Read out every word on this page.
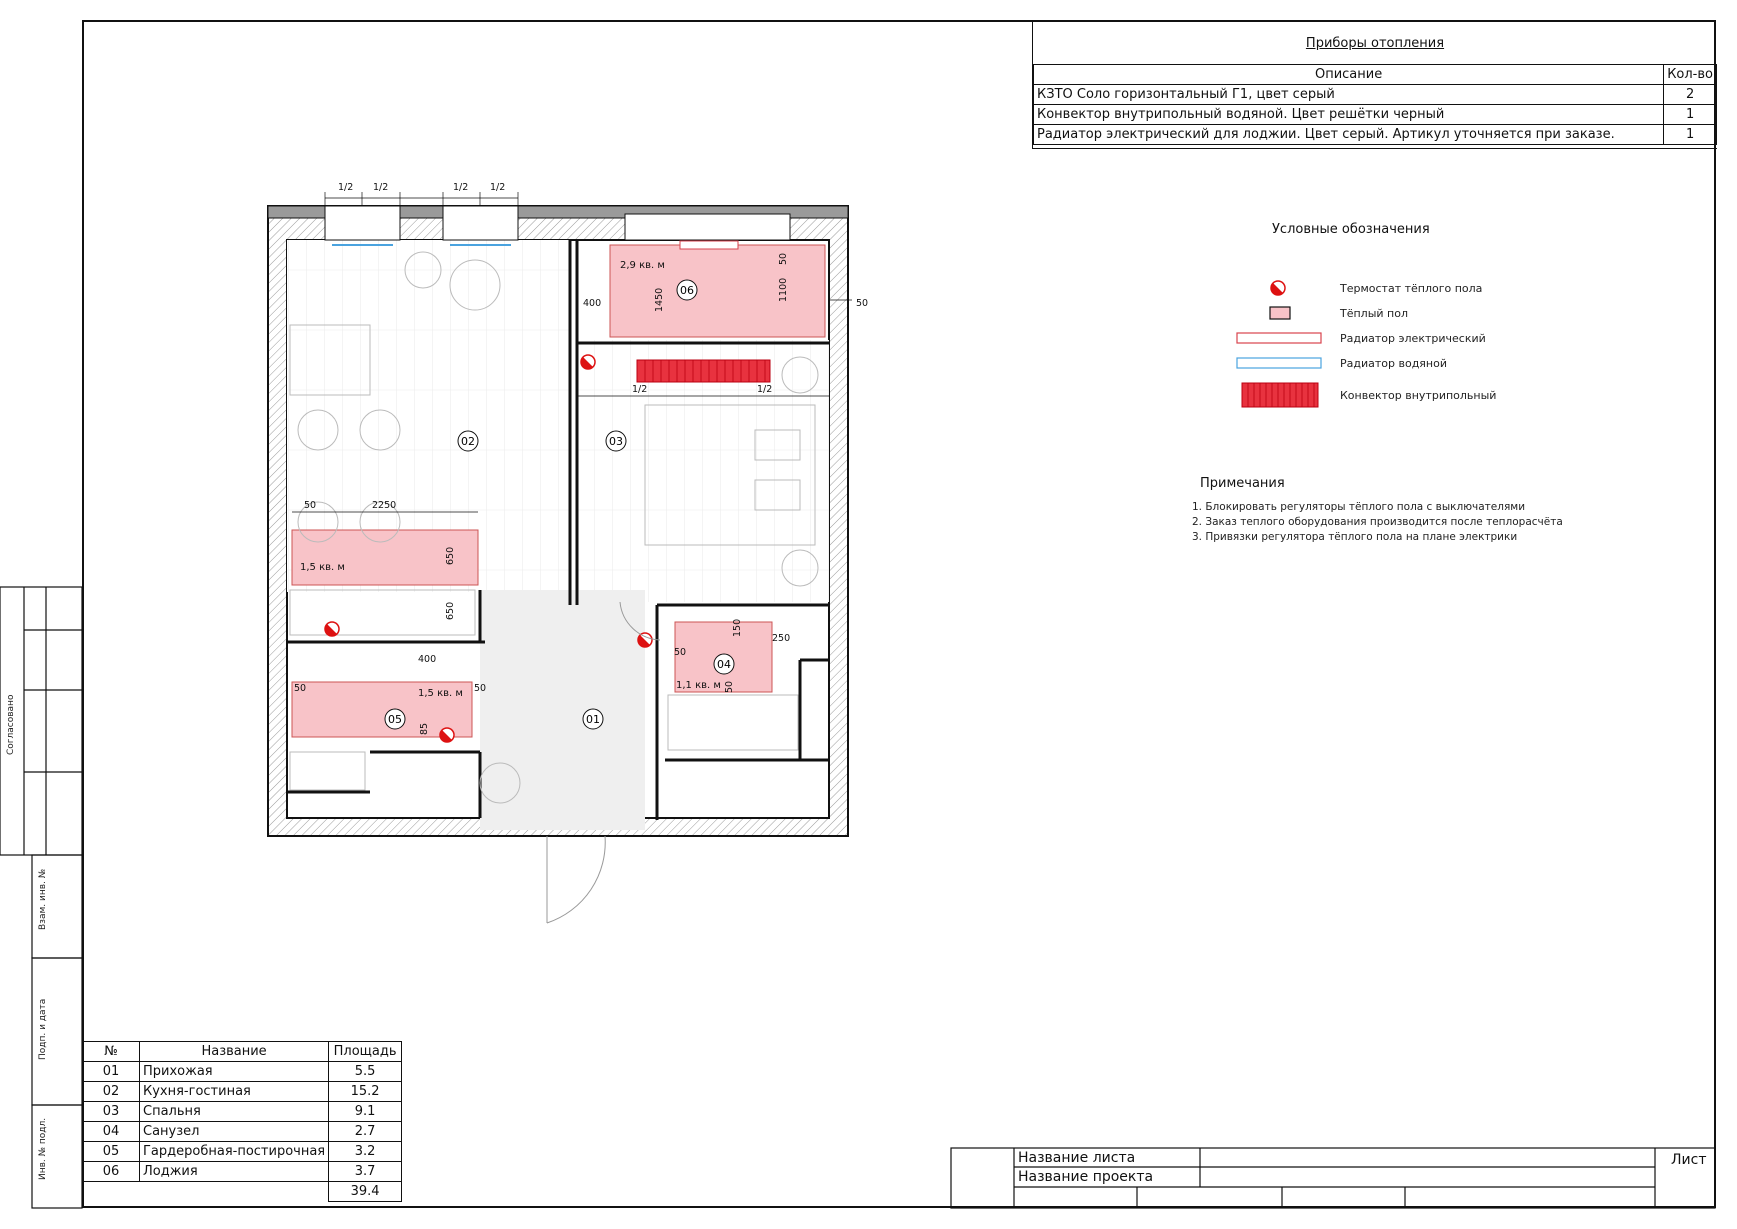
Согласовано
Взам. инв. №
Подп. и дата
Инв. № подл.
Приборы отопления
Описание	Кол-во
КЗТО Соло горизонтальный Г1, цвет серый	2
Конвектор внутрипольный водяной. Цвет решётки черный	1
Радиатор электрический для лоджии. Цвет серый. Артикул уточняется при заказе.	1
Условные обозначения
Термостат тёплого пола
Тёплый пол
Радиатор электрический
Радиатор водяной
Конвектор внутрипольный
Примечания
1. Блокировать регуляторы тёплого пола с выключателями
2. Заказ теплого оборудования производится после теплорасчёта
3. Привязки регулятора тёплого пола на плане электрики
01
02	03
04
05
06
2,9 кв. м
1,5 кв. м
1,5 кв. м
1,1 кв. м
1/2 1/2	1/2 1/2
1/2	1/2
400
400
50
50
50
50	50
2250
250
1450	1100
50
650
650
150
50
85
№	Название	Площадь
01	Прихожая	5.5
02	Кухня-гостиная	15.2
03	Спальня	9.1
04	Санузел	2.7
05	Гардеробная-постирочная	3.2
06	Лоджия	3.7
		39.4
Название листа
Название проекта
Лист
